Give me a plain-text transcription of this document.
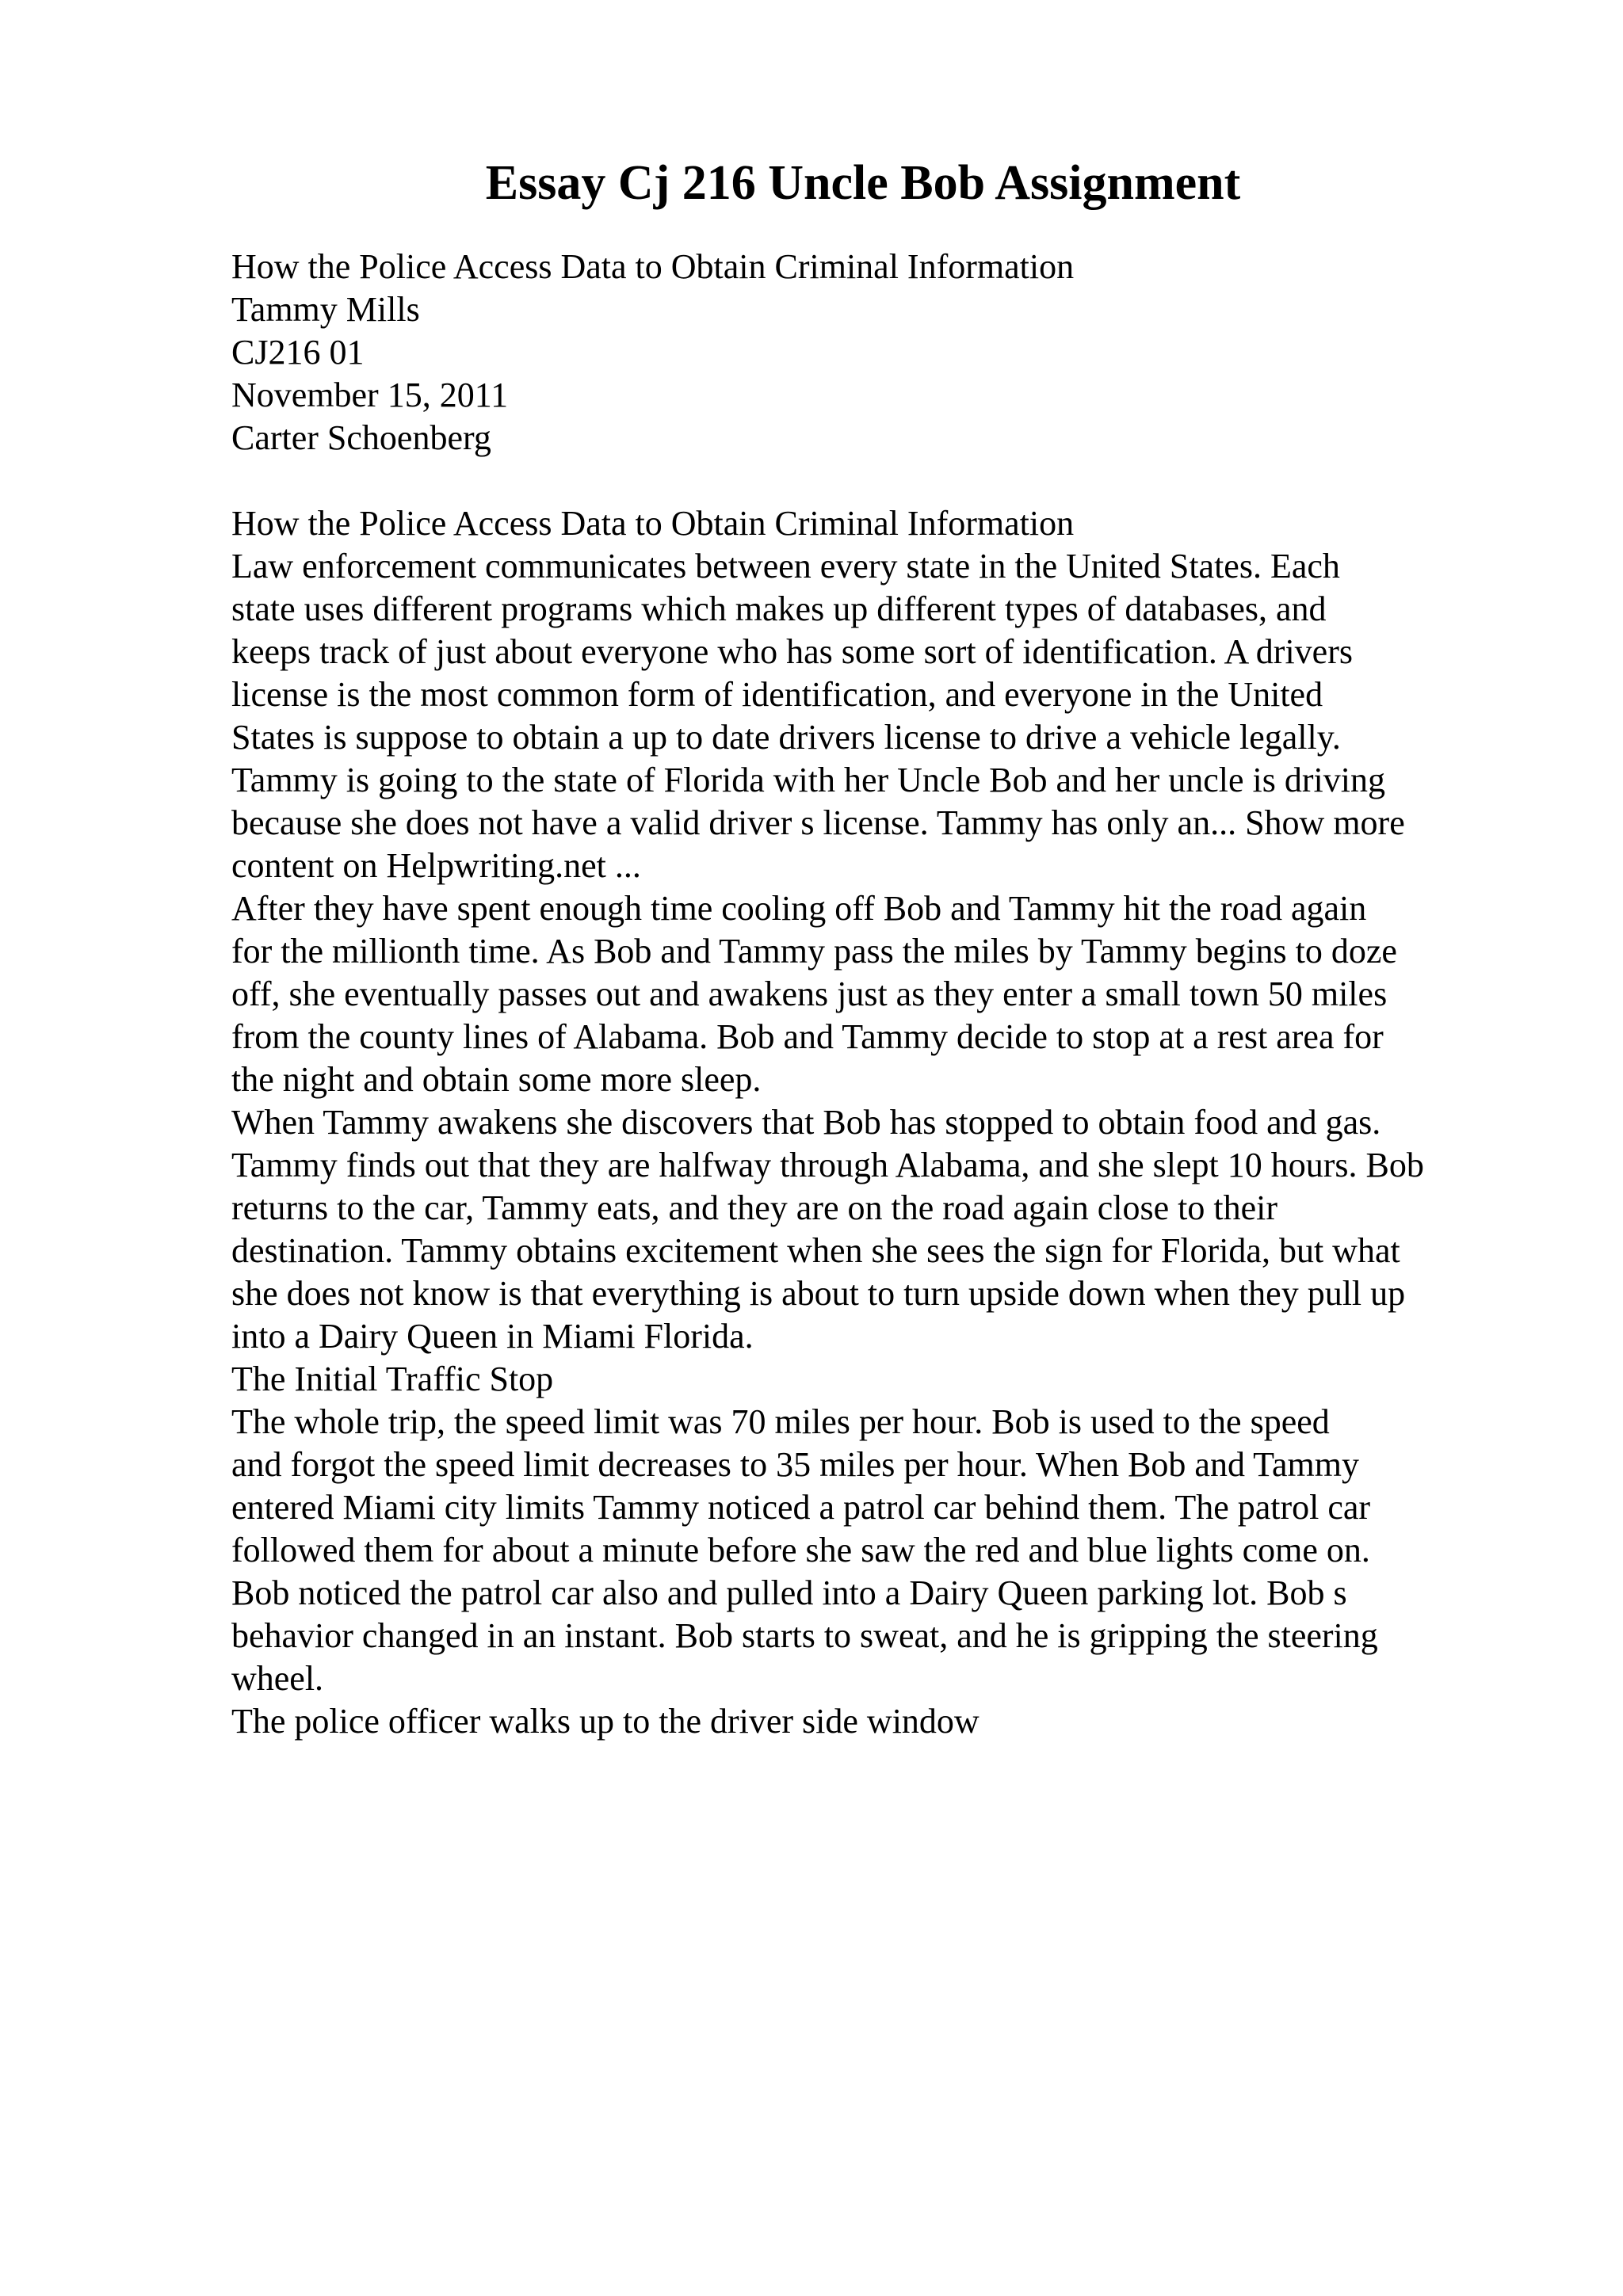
Essay Cj 216 Uncle Bob Assignment
How the Police Access Data to Obtain Criminal Information
Tammy Mills
CJ216 01
November 15, 2011
Carter Schoenberg
How the Police Access Data to Obtain Criminal Information
Law enforcement communicates between every state in the United States. Each
state uses different programs which makes up different types of databases, and
keeps track of just about everyone who has some sort of identification. A drivers
license is the most common form of identification, and everyone in the United
States is suppose to obtain a up to date drivers license to drive a vehicle legally.
Tammy is going to the state of Florida with her Uncle Bob and her uncle is driving
because she does not have a valid driver s license. Tammy has only an... Show more
content on Helpwriting.net ...
After they have spent enough time cooling off Bob and Tammy hit the road again
for the millionth time. As Bob and Tammy pass the miles by Tammy begins to doze
off, she eventually passes out and awakens just as they enter a small town 50 miles
from the county lines of Alabama. Bob and Tammy decide to stop at a rest area for
the night and obtain some more sleep.
When Tammy awakens she discovers that Bob has stopped to obtain food and gas.
Tammy finds out that they are halfway through Alabama, and she slept 10 hours. Bob
returns to the car, Tammy eats, and they are on the road again close to their
destination. Tammy obtains excitement when she sees the sign for Florida, but what
she does not know is that everything is about to turn upside down when they pull up
into a Dairy Queen in Miami Florida.
The Initial Traffic Stop
The whole trip, the speed limit was 70 miles per hour. Bob is used to the speed
and forgot the speed limit decreases to 35 miles per hour. When Bob and Tammy
entered Miami city limits Tammy noticed a patrol car behind them. The patrol car
followed them for about a minute before she saw the red and blue lights come on.
Bob noticed the patrol car also and pulled into a Dairy Queen parking lot. Bob s
behavior changed in an instant. Bob starts to sweat, and he is gripping the steering
wheel.
The police officer walks up to the driver side window
